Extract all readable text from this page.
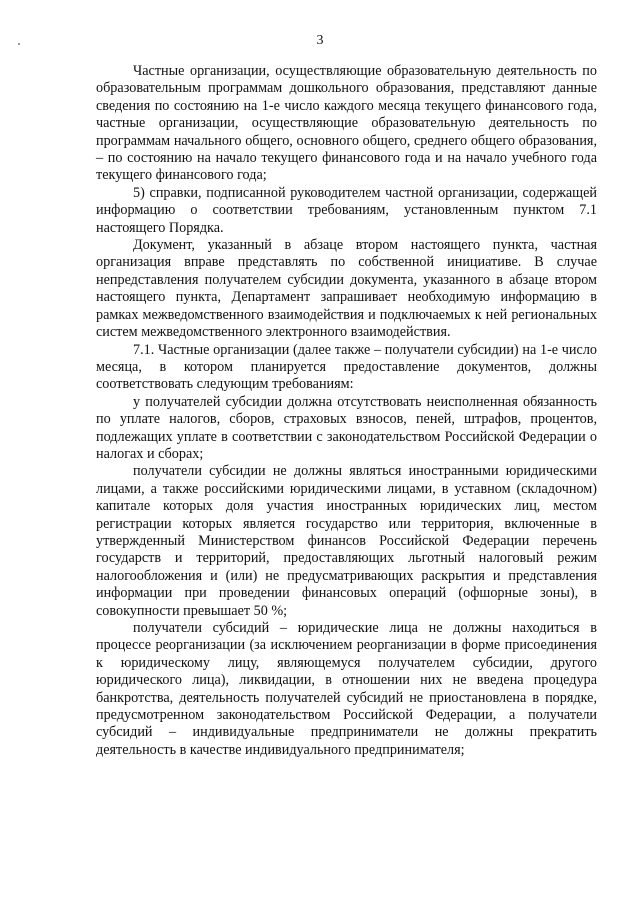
3

Частные организации, осуществляющие образовательную деятельность по образовательным программам дошкольного образования, представляют данные сведения по состоянию на 1-е число каждого месяца текущего финансового года, частные организации, осуществляющие образовательную деятельность по программам начального общего, основного общего, среднего общего образования, – по состоянию на начало текущего финансового года и на начало учебного года текущего финансового года;

5) справки, подписанной руководителем частной организации, содержащей информацию о соответствии требованиям, установленным пунктом 7.1 настоящего Порядка.

Документ, указанный в абзаце втором настоящего пункта, частная организация вправе представлять по собственной инициативе. В случае непредставления получателем субсидии документа, указанного в абзаце втором настоящего пункта, Департамент запрашивает необходимую информацию в рамках межведомственного взаимодействия и подключаемых к ней региональных систем межведомственного электронного взаимодействия.

7.1. Частные организации (далее также – получатели субсидии) на 1-е число месяца, в котором планируется предоставление документов, должны соответствовать следующим требованиям:

у получателей субсидии должна отсутствовать неисполненная обязанность по уплате налогов, сборов, страховых взносов, пеней, штрафов, процентов, подлежащих уплате в соответствии с законодательством Российской Федерации о налогах и сборах;

получатели субсидии не должны являться иностранными юридическими лицами, а также российскими юридическими лицами, в уставном (складочном) капитале которых доля участия иностранных юридических лиц, местом регистрации которых является государство или территория, включенные в утвержденный Министерством финансов Российской Федерации перечень государств и территорий, предоставляющих льготный налоговый режим налогообложения и (или) не предусматривающих раскрытия и представления информации при проведении финансовых операций (офшорные зоны), в совокупности превышает 50 %;

получатели субсидий – юридические лица не должны находиться в процессе реорганизации (за исключением реорганизации в форме присоединения к юридическому лицу, являющемуся получателем субсидии, другого юридического лица), ликвидации, в отношении них не введена процедура банкротства, деятельность получателей субсидий не приостановлена в порядке, предусмотренном законодательством Российской Федерации, а получатели субсидий – индивидуальные предприниматели не должны прекратить деятельность в качестве индивидуального предпринимателя;
